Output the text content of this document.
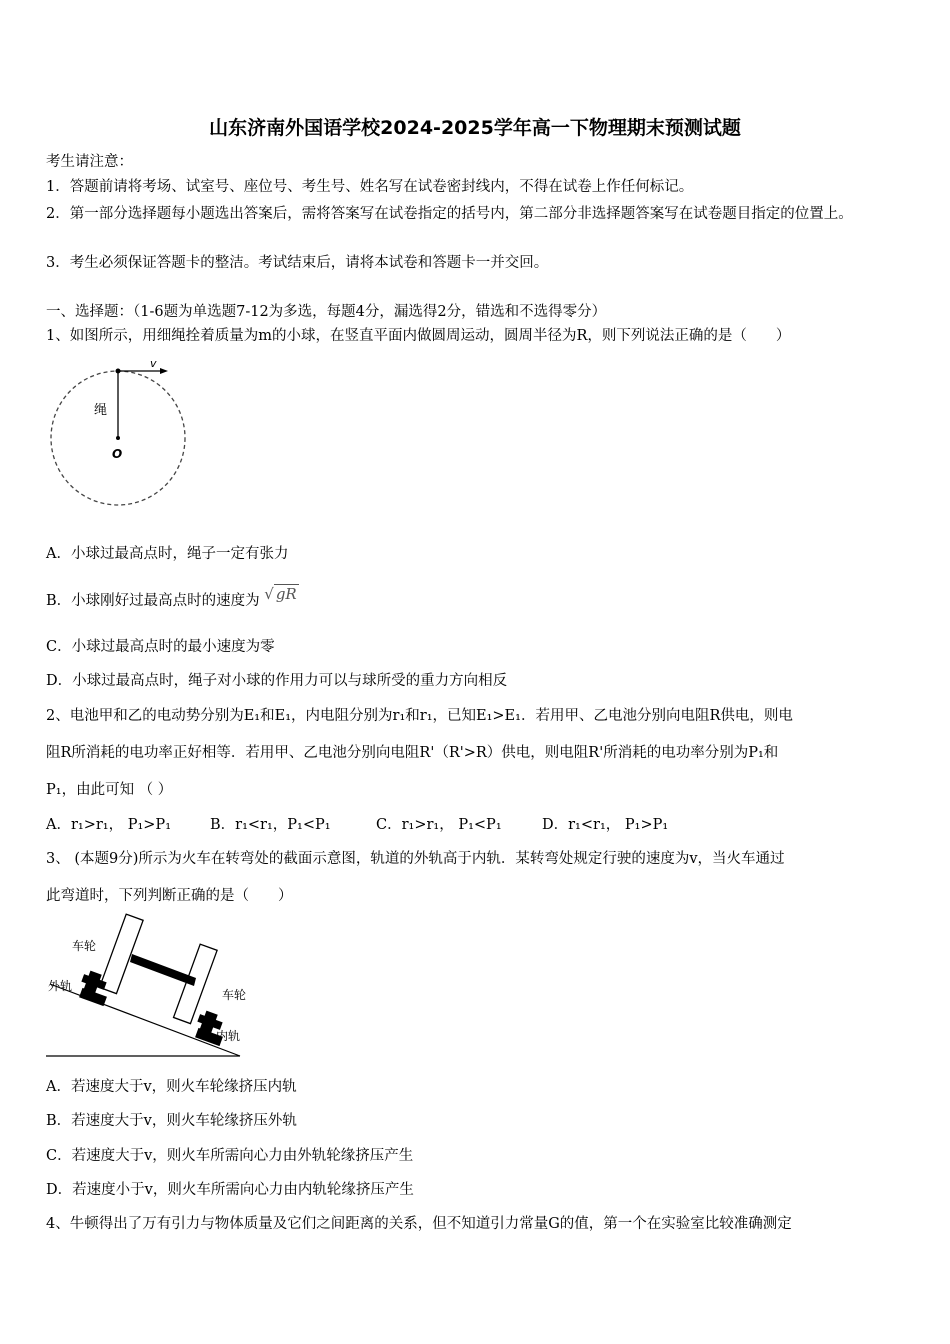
山东济南外国语学校2024-2025学年高一下物理期末预测试题
考生请注意：
1．答题前请将考场、试室号、座位号、考生号、姓名写在试卷密封线内，不得在试卷上作任何标记。
2．第一部分选择题每小题选出答案后，需将答案写在试卷指定的括号内，第二部分非选择题答案写在试卷题目指定的位置上。
3．考生必须保证答题卡的整洁。考试结束后，请将本试卷和答题卡一并交回。
一、选择题：（1-6题为单选题7-12为多选，每题4分，漏选得2分，错选和不选得零分）
1、如图所示，用细绳拴着质量为m的小球，在竖直平面内做圆周运动，圆周半径为R，则下列说法正确的是（　　）
v
绳
O
A．小球过最高点时，绳子一定有张力
B．小球刚好过最高点时的速度为 √ gR
C．小球过最高点时的最小速度为零
D．小球过最高点时，绳子对小球的作用力可以与球所受的重力方向相反
2、电池甲和乙的电动势分别为E₁和E₁，内电阻分别为r₁和r₁，已知E₁>E₁．若用甲、乙电池分别向电阻R供电，则电
阻R所消耗的电功率正好相等．若用甲、乙电池分别向电阻R'（R'>R）供电，则电阻R'所消耗的电功率分别为P₁和
P₁，由此可知 （ ）
A．r₁>r₁， P₁>P₁	B．r₁<r₁，P₁<P₁	C．r₁>r₁， P₁<P₁	D．r₁<r₁， P₁>P₁
3、 (本题9分)所示为火车在转弯处的截面示意图，轨道的外轨高于内轨．某转弯处规定行驶的速度为v，当火车通过
此弯道时，下列判断正确的是（　　）
车轮
外轨
车轮
内轨
A．若速度大于v，则火车轮缘挤压内轨
B．若速度大于v，则火车轮缘挤压外轨
C．若速度大于v，则火车所需向心力由外轨轮缘挤压产生
D．若速度小于v，则火车所需向心力由内轨轮缘挤压产生
4、牛顿得出了万有引力与物体质量及它们之间距离的关系，但不知道引力常量G的值，第一个在实验室比较准确测定
